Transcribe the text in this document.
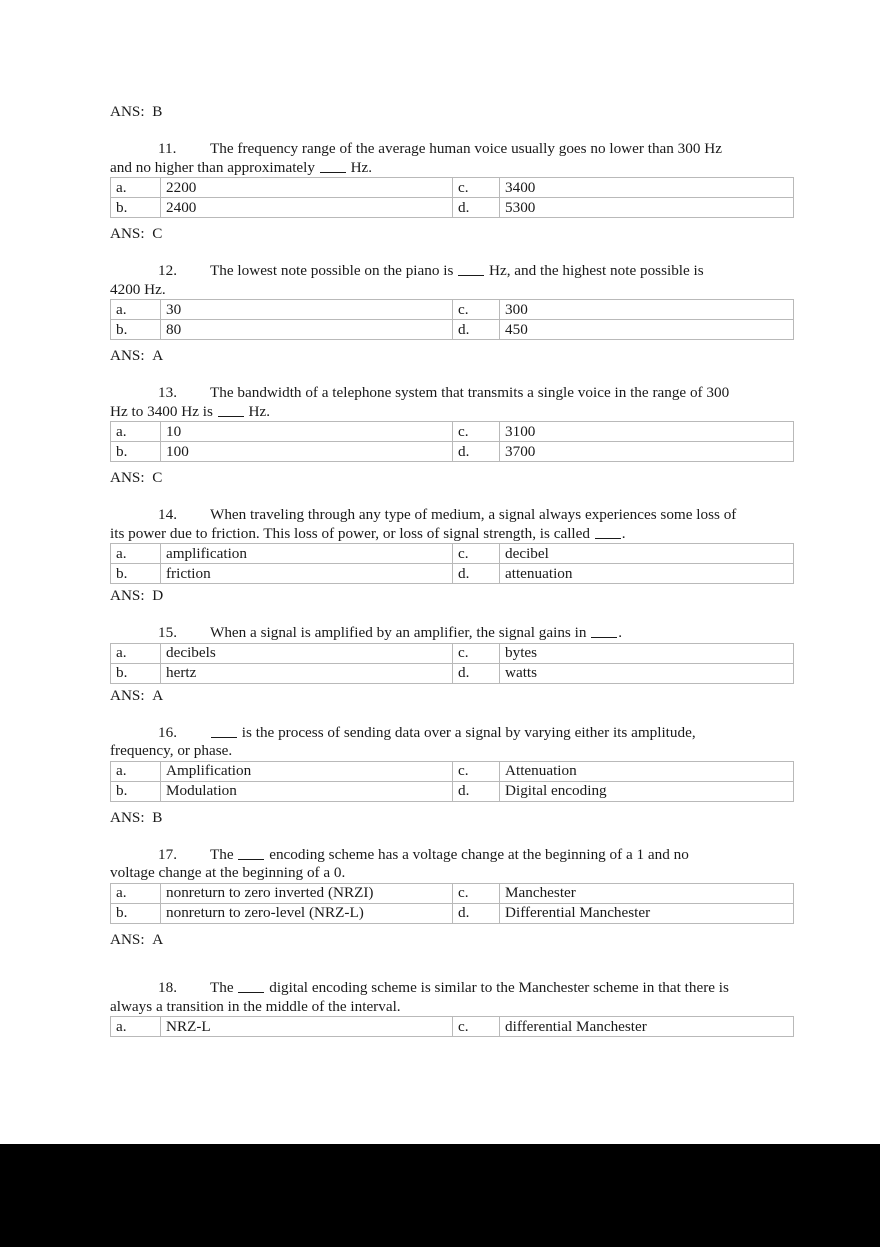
ANS: B
11. The frequency range of the average human voice usually goes no lower than 300 Hz
and no higher than approximately  Hz.
a.	2200	c.	3400
b.	2400	d.	5300
ANS: C
12. The lowest note possible on the piano is  Hz, and the highest note possible is
4200 Hz.
a.	30	c.	300
b.	80	d.	450
ANS: A
13. The bandwidth of a telephone system that transmits a single voice in the range of 300
Hz to 3400 Hz is  Hz.
a.	10	c.	3100
b.	100	d.	3700
ANS: C
14. When traveling through any type of medium, a signal always experiences some loss of
its power due to friction. This loss of power, or loss of signal strength, is called .
a.	amplification	c.	decibel
b.	friction	d.	attenuation
ANS: D
15. When a signal is amplified by an amplifier, the signal gains in .
a.	decibels	c.	bytes
b.	hertz	d.	watts
ANS: A
16.	is the process of sending data over a signal by varying either its amplitude,
frequency, or phase.
a.	Amplification	c.	Attenuation
b.	Modulation	d.	Digital encoding
ANS: B
17. The  encoding scheme has a voltage change at the beginning of a 1 and no
voltage change at the beginning of a 0.
a.	nonreturn to zero inverted (NRZI)	c.	Manchester
b.	nonreturn to zero-level (NRZ-L)	d.	Differential Manchester
ANS: A
18. The  digital encoding scheme is similar to the Manchester scheme in that there is
always a transition in the middle of the interval.
a.	NRZ-L	c.	differential Manchester
